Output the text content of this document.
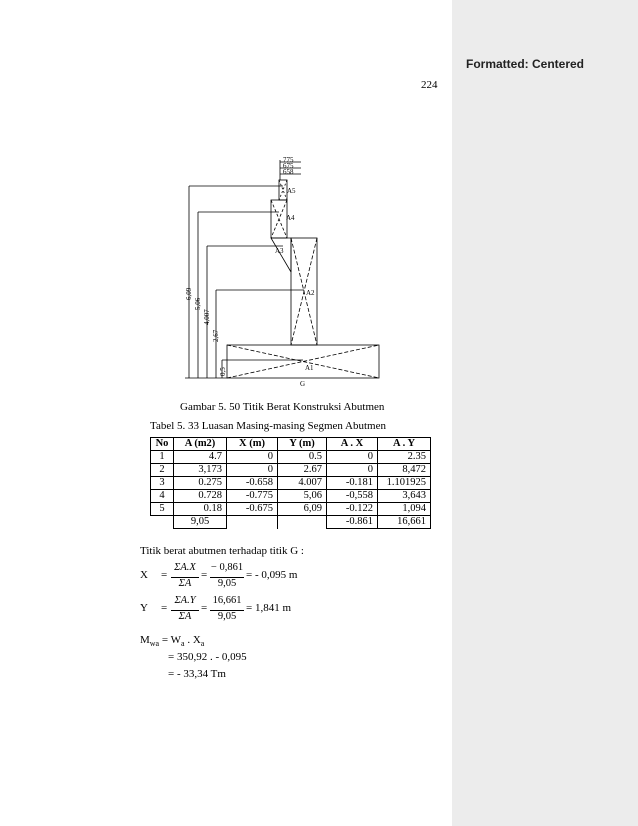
Formatted: Centered
224
775
675
658
A5
A4
A3
A2
A1
G
6,09
5,06
4,007
2,67
0,5
Gambar 5. 50 Titik Berat Konstruksi Abutmen
Tabel 5. 33 Luasan Masing-masing Segmen Abutmen
No	A (m2)	X (m)	Y (m)	A . X	A . Y
1	4.7	0	0.5	0	2.35
2	3,173	0	2.67	0	8,472
3	0.275	-0.658	4.007	-0.181	1.101925
4	0.728	-0.775	5,06	-0,558	3,643
5	0.18	-0.675	6,09	-0.122	1,094
	9,05			-0.861	16,661
Titik berat abutmen terhadap titik G :
X =
ΣA.X
ΣA
=
− 0,861
9,05
= - 0,095 m
Y =
ΣA.Y
ΣA
=
16,661
9,05
= 1,841 m
$M_{wa} = W_a$ . $X_a$
= 350,92 . - 0,095
= - 33,34 Tm
